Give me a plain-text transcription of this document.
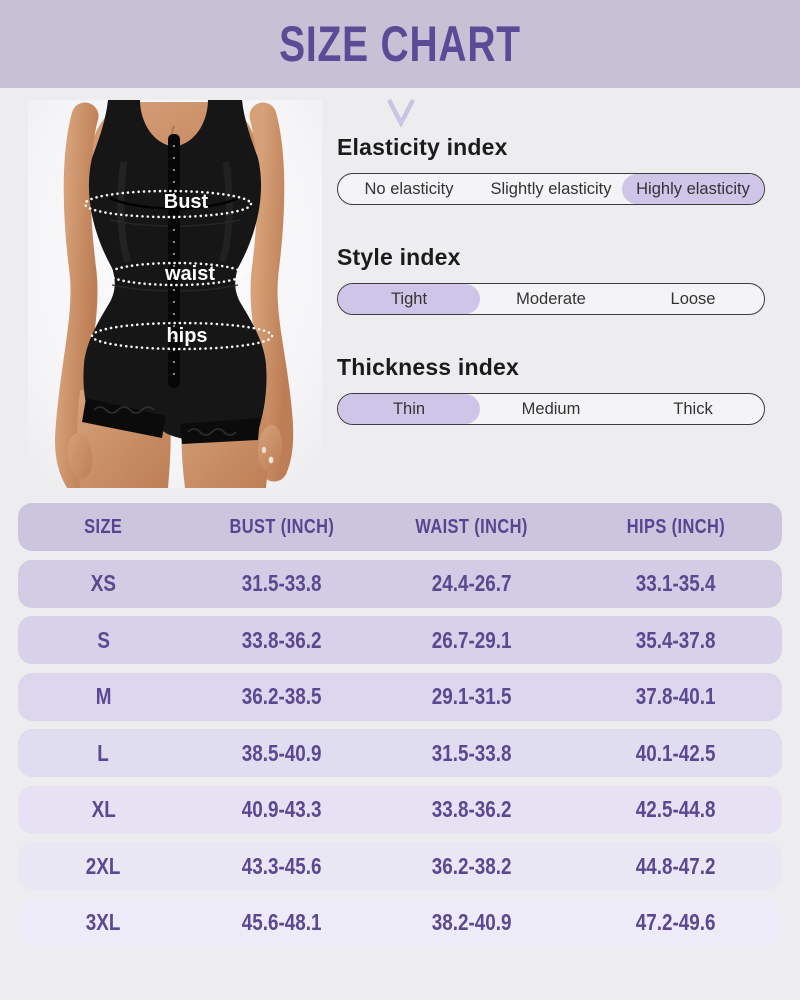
SIZE CHART
Bust
waist
hips
Elasticity index
No elasticity	Slightly elasticity	Highly elasticity
Style index
Tight	Moderate	Loose
Thickness index
Thin	Medium	Thick
SIZE	BUST (INCH)	WAIST (INCH)	HIPS (INCH)
XS	31.5-33.8	24.4-26.7	33.1-35.4
S	33.8-36.2	26.7-29.1	35.4-37.8
M	36.2-38.5	29.1-31.5	37.8-40.1
L	38.5-40.9	31.5-33.8	40.1-42.5
XL	40.9-43.3	33.8-36.2	42.5-44.8
2XL	43.3-45.6	36.2-38.2	44.8-47.2
3XL	45.6-48.1	38.2-40.9	47.2-49.6
